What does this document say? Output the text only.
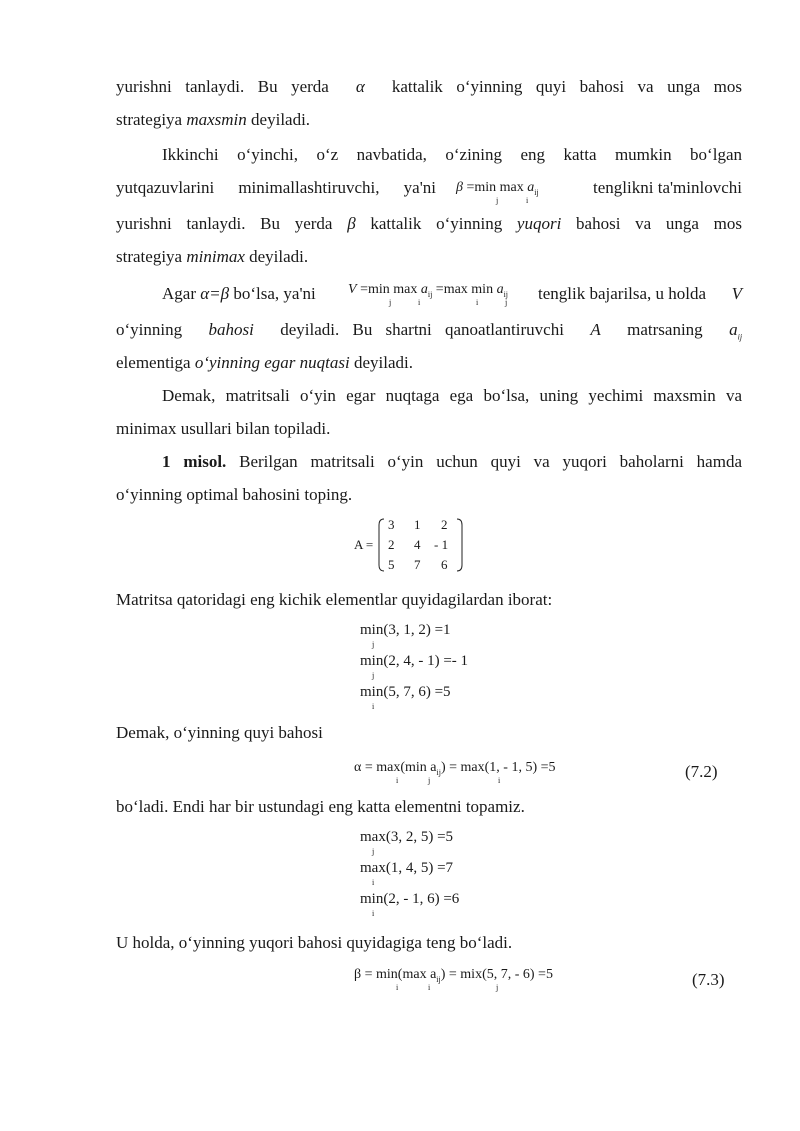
yurishni tanlaydi. Bu yerda α kattalik o‘yinning quyi bahosi va unga mos
strategiya maxsmin deyiladi.
Ikkinchi o‘yinchi, o‘z navbatida, o‘zining eng katta mumkin bo‘lgan
yutqazuvlarini minimallashtiruvchi, ya'ni β =min $\max a_{ij}$
j	i
tenglikni ta'minlovchi
yurishni tanlaydi. Bu yerda β kattalik o‘yinning yuqori bahosi va unga mos
strategiya minimax deyiladi.
Agar α=β bo‘lsa, ya'ni V =min $\max a_{ij} =\max$ $\min a_{ij}$
j	i	i	j tenglik bajarilsa, u holda V
o‘yinning bahosi deyiladi. Bu shartni qanoatlantiruvchi A matrsaning $a_{ij}$
elementiga o‘yinning egar nuqtasi deyiladi.
Demak, matritsali o‘yin egar nuqtaga ega bo‘lsa, uning yechimi maxsmin va
minimax usullari bilan topiladi.
1 misol. Berilgan matritsali o‘yin uchun quyi va yuqori baholarni hamda
o‘yinning optimal bahosini toping.
A =
3 1 2
2 4 - 1
5 7 6
Matritsa qatoridagi eng kichik elementlar quyidagilardan iborat:
min(3, 1, 2) =1
j
min(2, 4, - 1) =- 1
j
min(5, 7, 6) =5
i
Demak, o‘yinning quyi bahosi
α = max(min $a_{ij}) = \max(1$, - 1, 5) =5
i	j	i	(7.2)
bo‘ladi. Endi har bir ustundagi eng katta elementni topamiz.
max(3, 2, 5) =5
j
max(1, 4, 5) =7
i
min(2, - 1, 6) =6
i
U holda, o‘yinning yuqori bahosi quyidagiga teng bo‘ladi.
β = min(max $a_{ij}) = mix(5$, 7, - 6) =5
i	i	j	(7.3)
